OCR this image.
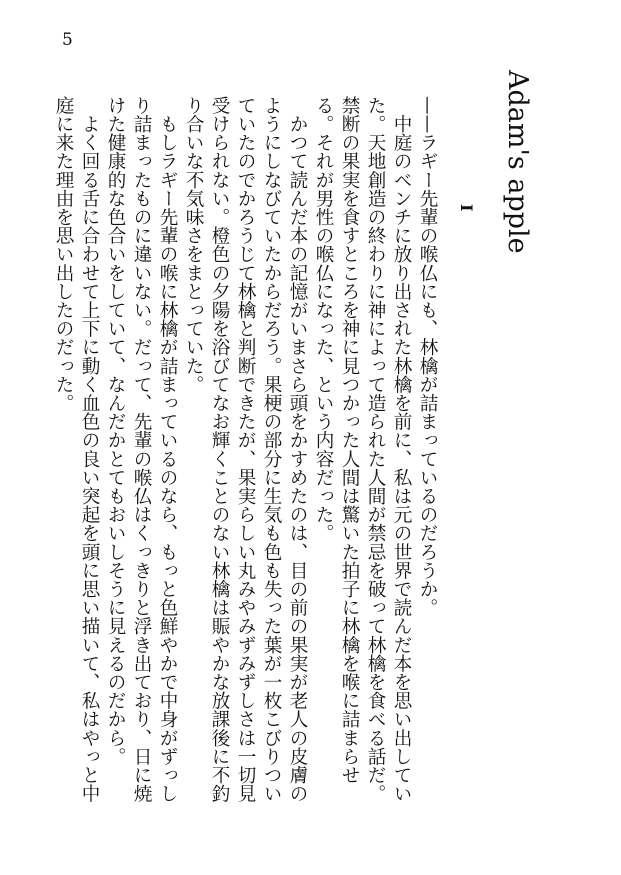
5
Adam's apple
I

——ラギー先輩の喉仏にも、林檎が詰まっているのだろうか。

　中庭のベンチに放り出された林檎を前に、私は元の世界で読んだ本を思い出していた。天地創造の終わりに神によって造られた人間が禁忌を破って林檎を食べる話だ。禁断の果実を食すところを神に見つかった人間は驚いた拍子に林檎を喉に詰まらせる。それが男性の喉仏になった、という内容だった。

　かつて読んだ本の記憶がいまさら頭をかすめたのは、目の前の果実が老人の皮膚のようにしなびていたからだろう。果梗の部分に生気も色も失った葉が一枚こびりついていたのでかろうじて林檎と判断できたが、果実らしい丸みやみずみずしさは一切見受けられない。橙色の夕陽を浴びてなお輝くことのない林檎は賑やかな放課後に不釣り合いな不気味さをまとっていた。

　もしラギー先輩の喉に林檎が詰まっているのなら、もっと色鮮やかで中身がずっしり詰まったものに違いない。だって、先輩の喉仏はくっきりと浮き出ており、日に焼けた健康的な色合いをしていて、なんだかとてもおいしそうに見えるのだから。

　よく回る舌に合わせて上下に動く血色の良い突起を頭に思い描いて、私はやっと中庭に来た理由を思い出したのだった。
